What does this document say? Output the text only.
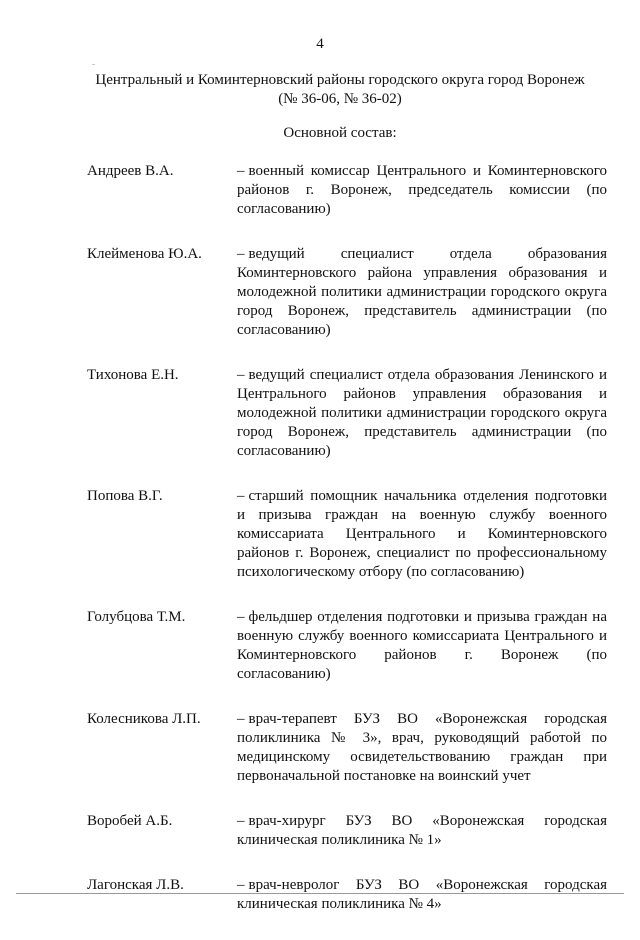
4
Центральный и Коминтерновский районы городского округа город Воронеж
(№ 36-06, № 36-02)
Основной состав:
Андреев В.А.	– военный комиссар Центрального и Коминтерновского районов г. Воронеж, председатель комиссии (по согласованию)
Клейменова Ю.А.	– ведущий специалист отдела образования Коминтерновского района управления образования и молодежной политики администрации городского округа город Воронеж, представитель администрации (по согласованию)
Тихонова Е.Н.	– ведущий специалист отдела образования Ленинского и Центрального районов управления образования и молодежной политики администрации городского округа город Воронеж, представитель администрации (по согласованию)
Попова В.Г.	– старший помощник начальника отделения подготовки и призыва граждан на военную службу военного комиссариата Центрального и Коминтерновского районов г. Воронеж, специалист по профессиональному психологическому отбору (по согласованию)
Голубцова Т.М.	– фельдшер отделения подготовки и призыва граждан на военную службу военного комиссариата Центрального и Коминтерновского районов г. Воронеж (по согласованию)
Колесникова Л.П.	– врач-терапевт БУЗ ВО «Воронежская городская поликлиника № 3», врач, руководящий работой по медицинскому освидетельствованию граждан при первоначальной постановке на воинский учет
Воробей А.Б.	– врач-хирург БУЗ ВО «Воронежская городская клиническая поликлиника № 1»
Лагонская Л.В.	– врач-невролог БУЗ ВО «Воронежская городская клиническая поликлиника № 4»
